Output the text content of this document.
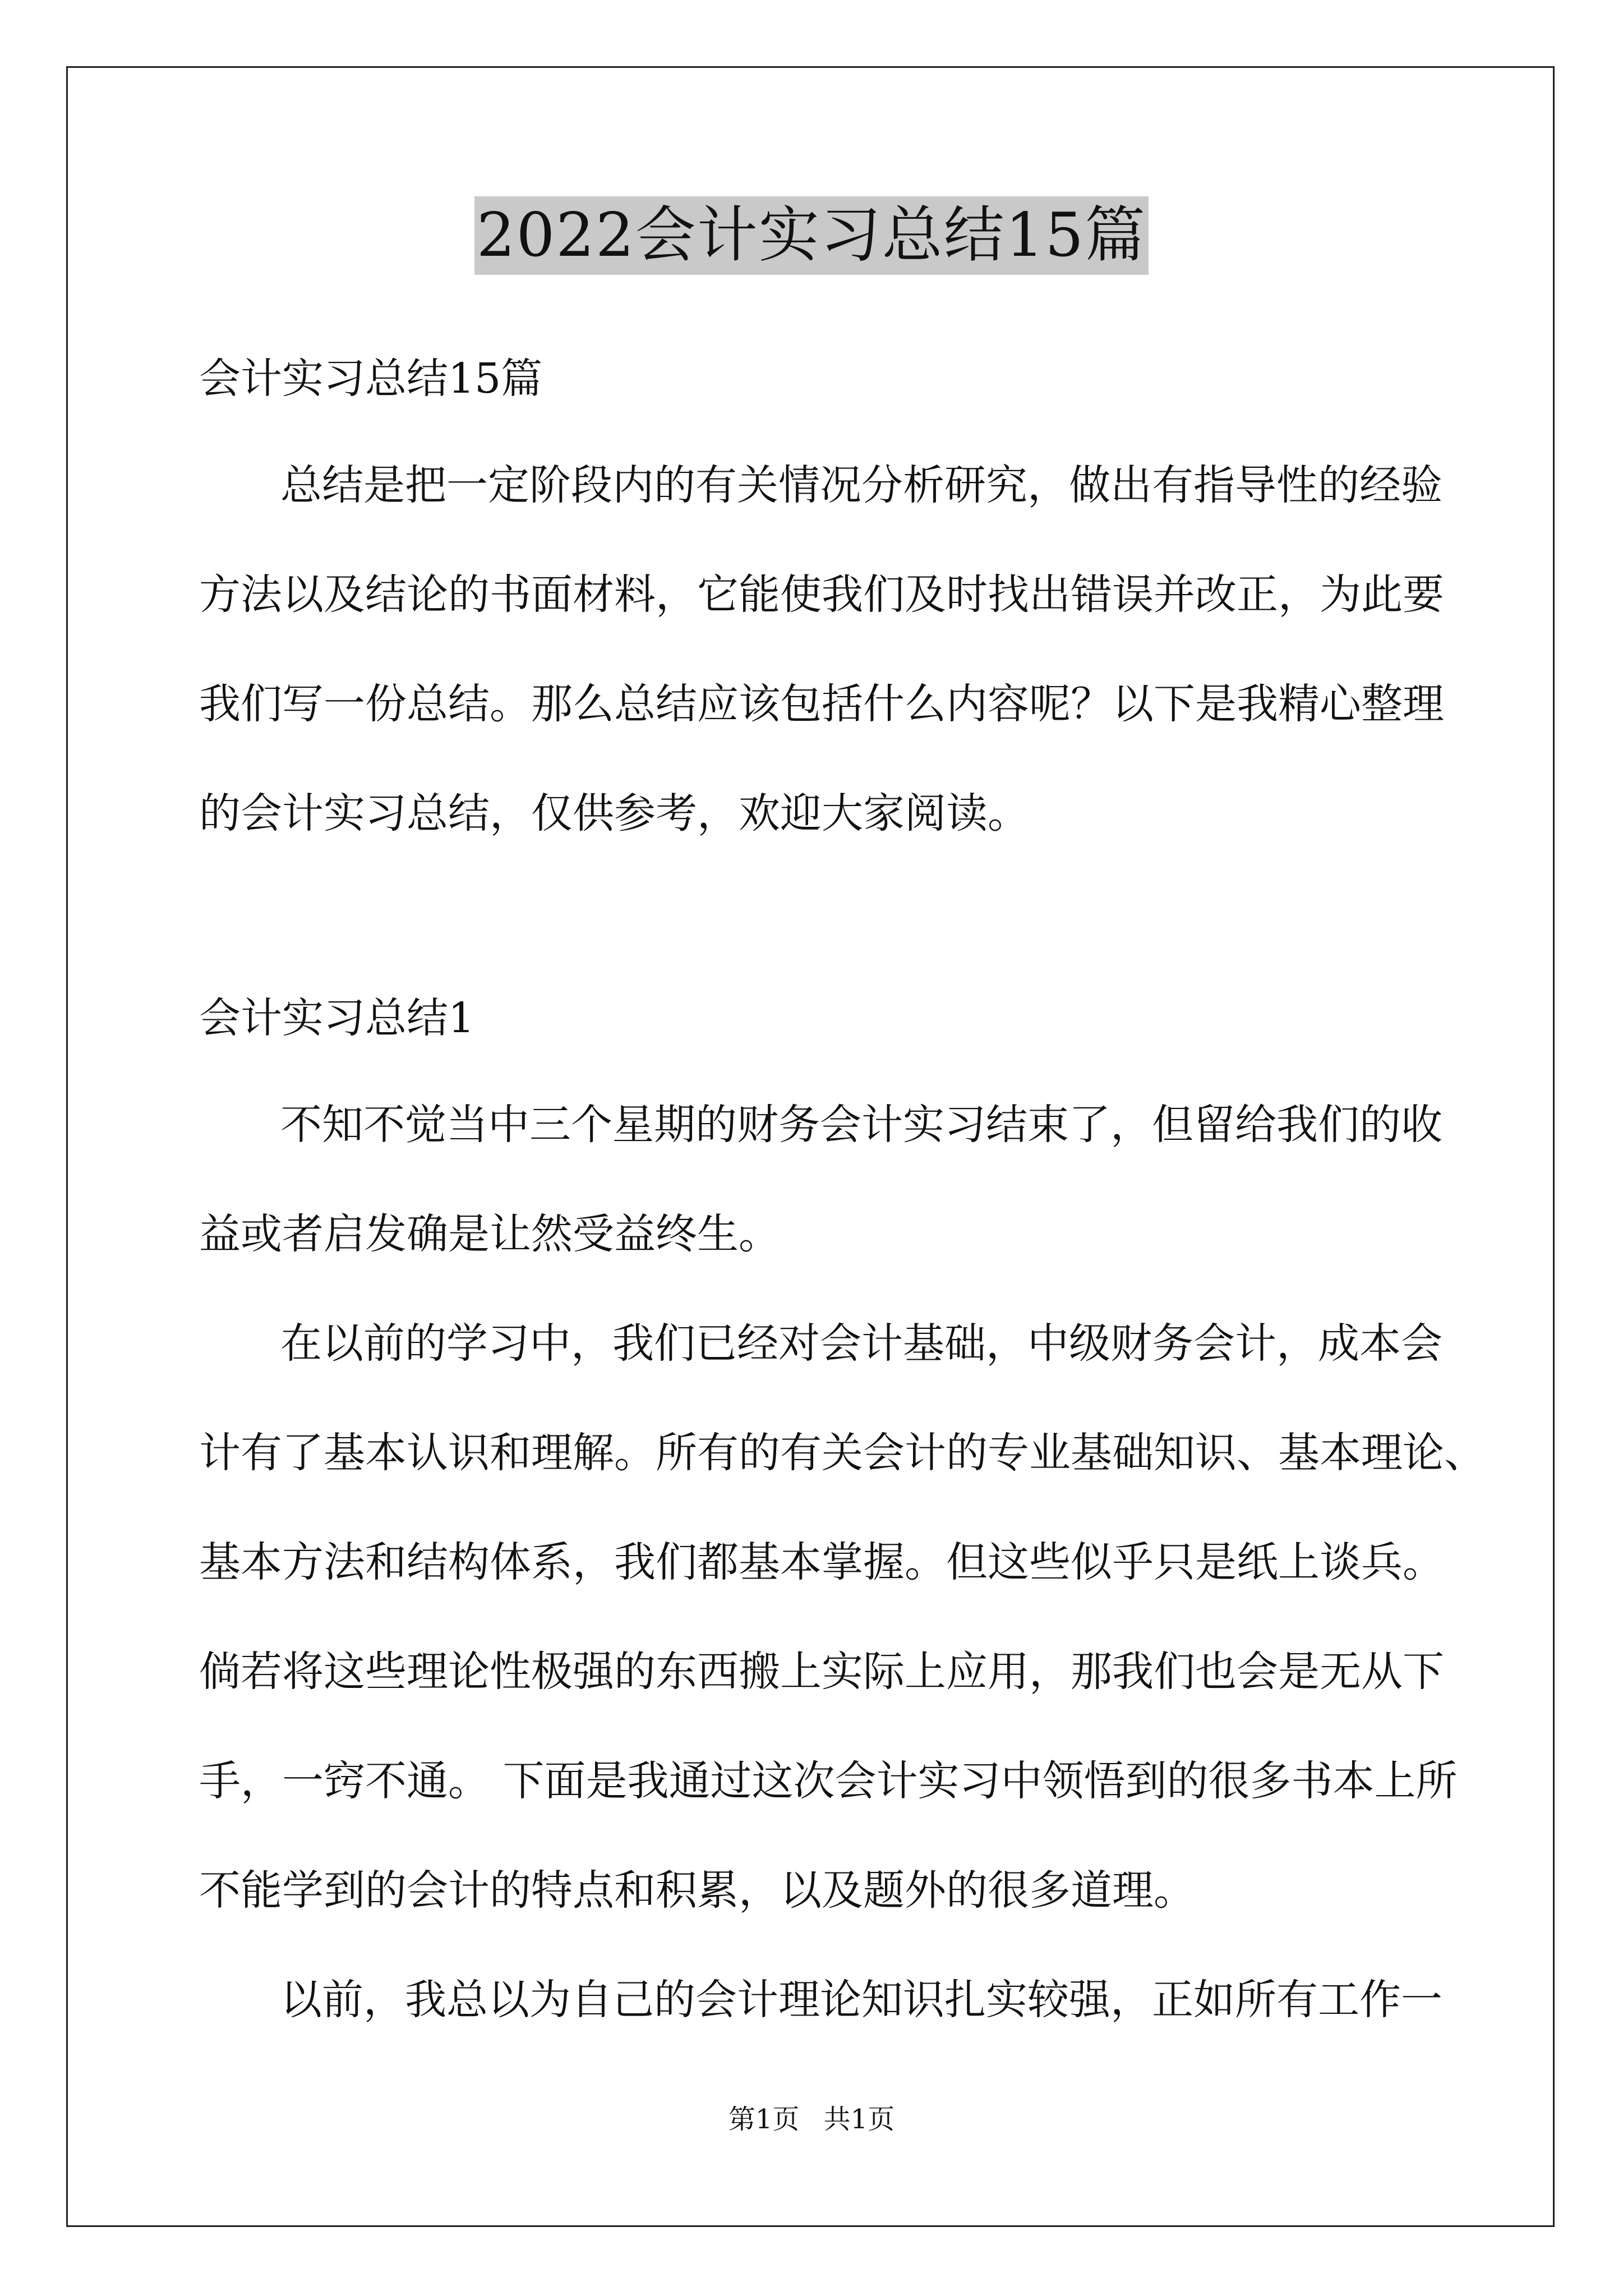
2022会计实习总结15篇
会计实习总结15篇
总结是把一定阶段内的有关情况分析研究，做出有指导性的经验
方法以及结论的书面材料，它能使我们及时找出错误并改正，为此要
我们写一份总结。那么总结应该包括什么内容呢？以下是我精心整理
的会计实习总结，仅供参考，欢迎大家阅读。
会计实习总结1
不知不觉当中三个星期的财务会计实习结束了，但留给我们的收
益或者启发确是让然受益终生。
在以前的学习中，我们已经对会计基础，中级财务会计，成本会
计有了基本认识和理解。所有的有关会计的专业基础知识、基本理论、
基本方法和结构体系，我们都基本掌握。但这些似乎只是纸上谈兵。
倘若将这些理论性极强的东西搬上实际上应用，那我们也会是无从下
手，一窍不通。 下面是我通过这次会计实习中领悟到的很多书本上所
不能学到的会计的特点和积累，以及题外的很多道理。
以前，我总以为自己的会计理论知识扎实较强，正如所有工作一
第1页 共1页
